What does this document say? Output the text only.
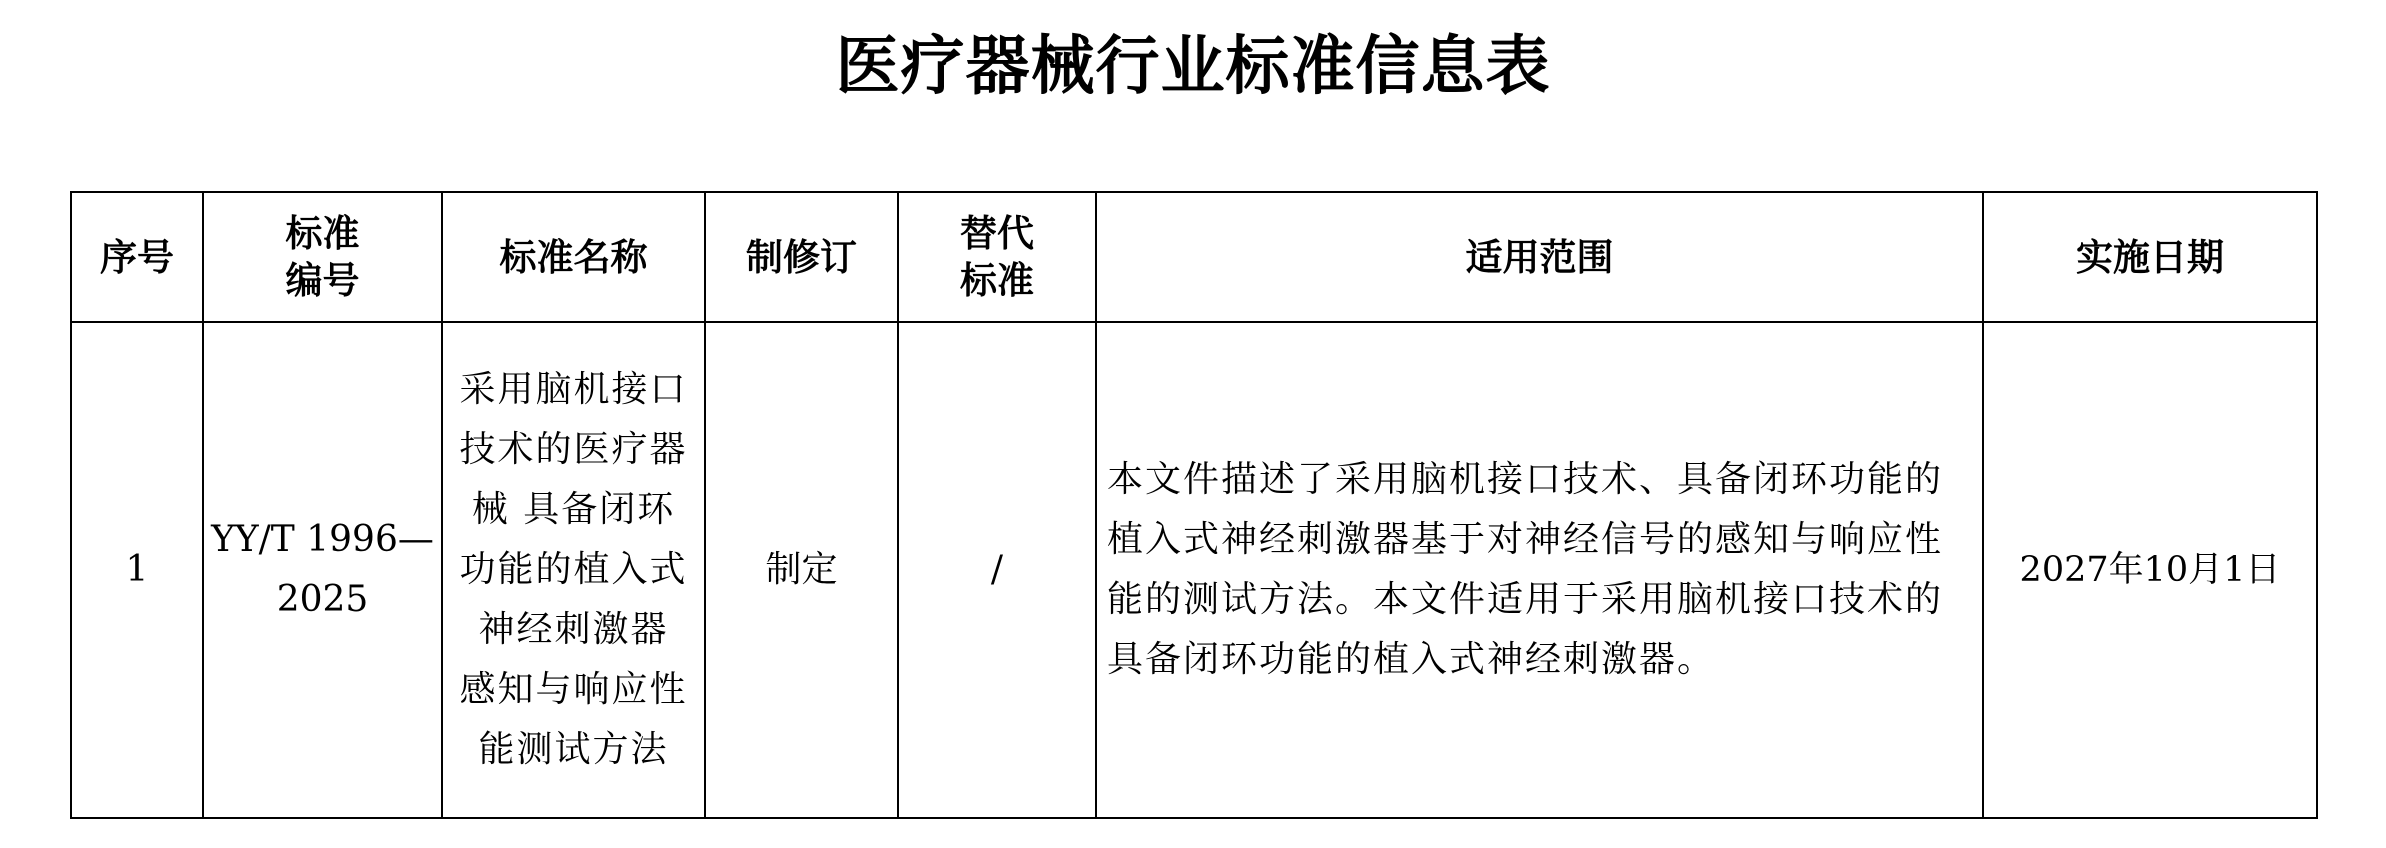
医疗器械行业标准信息表
序号	标准编号	标准名称	制修订	替代标准	适用范围	实施日期
1	YY/T 1996—2025	采用脑机接口技术的医疗器械 具备闭环功能的植入式神经刺激器 感知与响应性能测试方法	制定	/	本文件描述了采用脑机接口技术、具备闭环功能的植入式神经刺激器基于对神经信号的感知与响应性能的测试方法。本文件适用于采用脑机接口技术的具备闭环功能的植入式神经刺激器。	2027年10月1日
